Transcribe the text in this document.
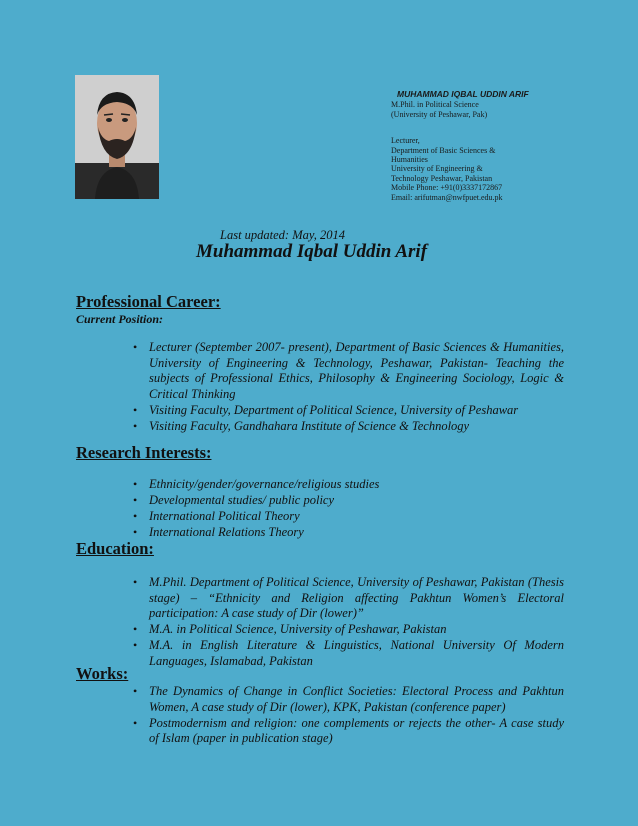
MUHAMMAD IQBAL UDDIN ARIF
M.Phil. in Political Science
(University of Peshawar, Pak)
Lecturer,
Department of Basic Sciences &
Humanities
University of Engineering &
Technology Peshawar, Pakistan
Mobile Phone: +91(0)3337172867
Email: arifutman@nwfpuet.edu.pk
Last updated: May, 2014
Muhammad Iqbal Uddin Arif
Professional Career:
Current Position:
• Lecturer (September 2007- present), Department of Basic Sciences & Humanities, University of Engineering & Technology, Peshawar, Pakistan- Teaching the subjects of Professional Ethics, Philosophy & Engineering Sociology, Logic & Critical Thinking
• Visiting Faculty, Department of Political Science, University of Peshawar
• Visiting Faculty, Gandhahara Institute of Science & Technology
Research Interests:
• Ethnicity/gender/governance/religious studies
• Developmental studies/ public policy
• International Political Theory
• International Relations Theory
Education:
• M.Phil. Department of Political Science, University of Peshawar, Pakistan (Thesis stage) – “Ethnicity and Religion affecting Pakhtun Women’s Electoral participation: A case study of Dir (lower)”
• M.A. in Political Science, University of Peshawar, Pakistan
• M.A. in English Literature & Linguistics, National University Of Modern Languages, Islamabad, Pakistan
Works:
• The Dynamics of Change in Conflict Societies: Electoral Process and Pakhtun Women, A case study of Dir (lower), KPK, Pakistan (conference paper)
• Postmodernism and religion: one complements or rejects the other- A case study of Islam (paper in publication stage)
